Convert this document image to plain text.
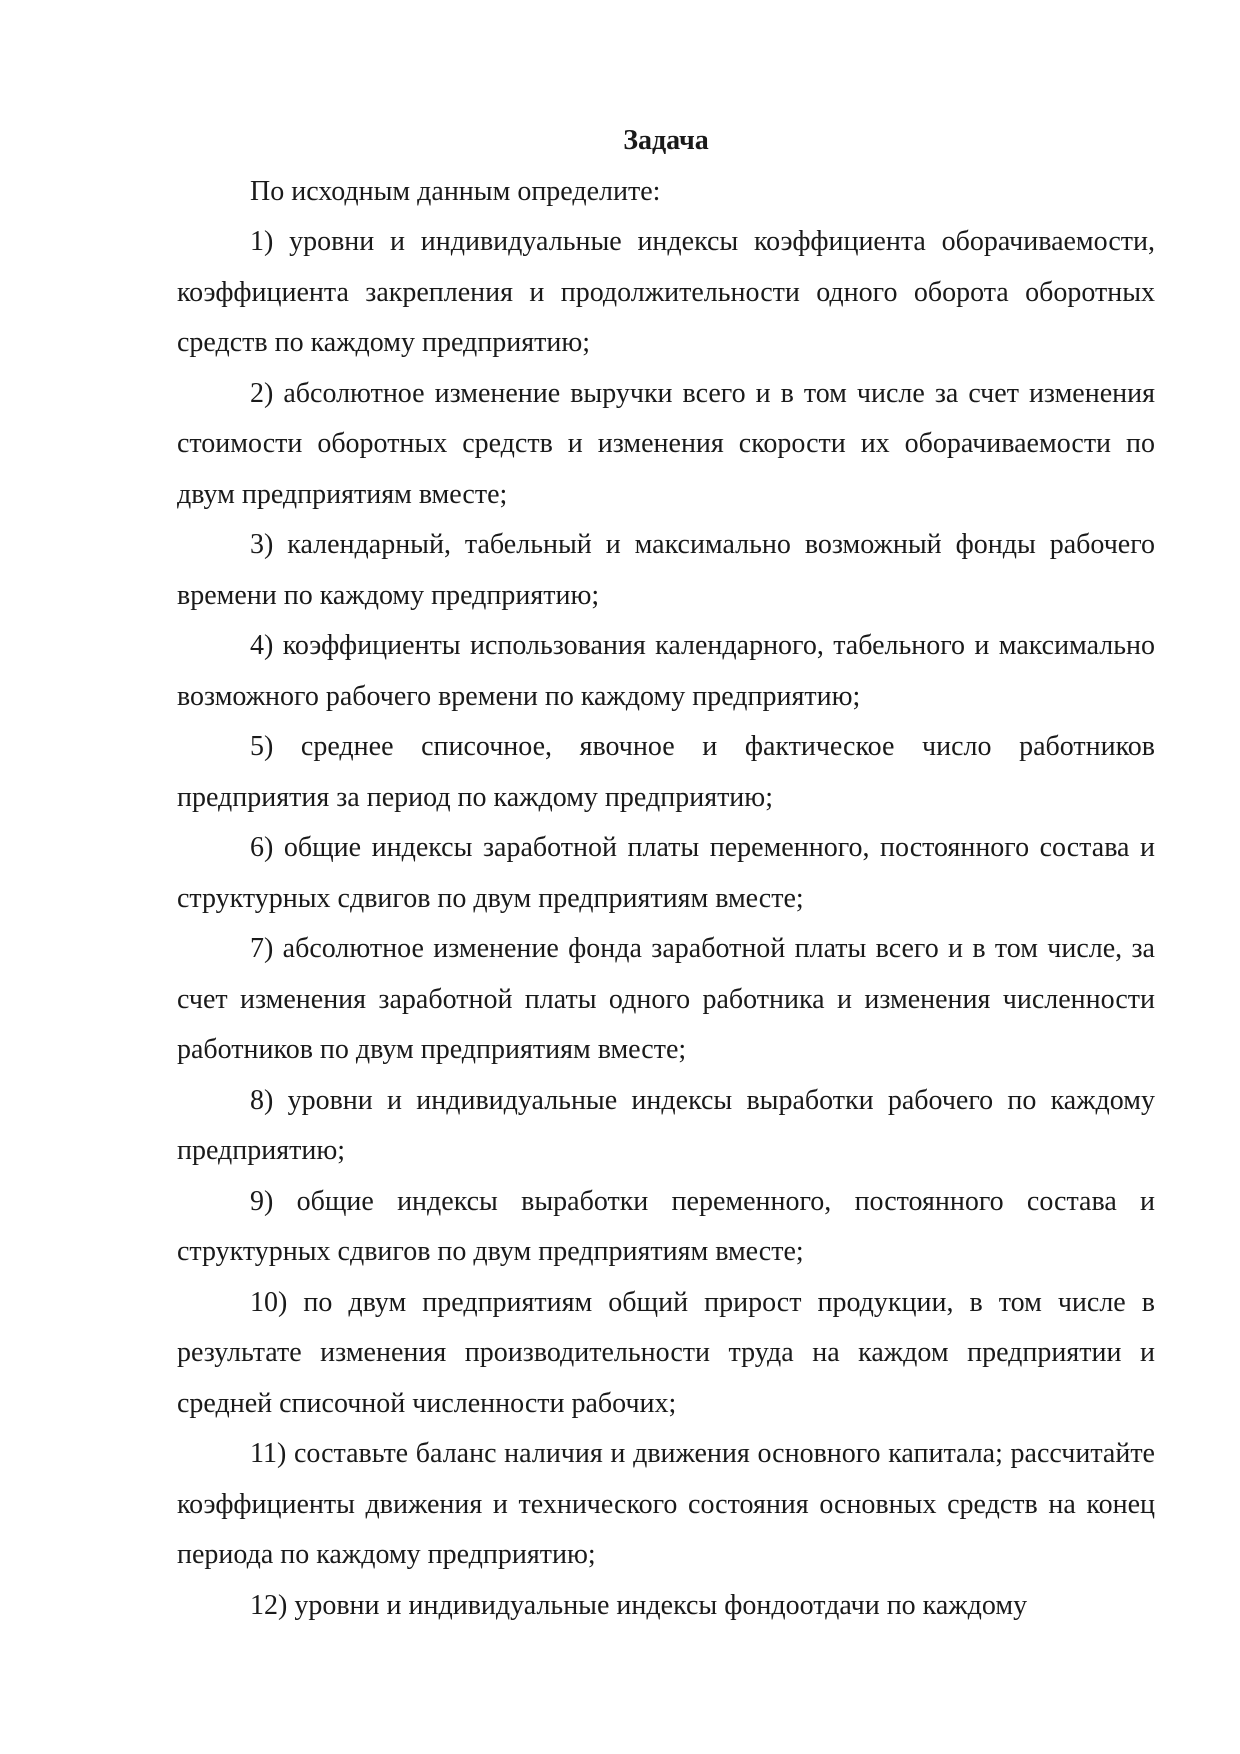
Задача

По исходным данным определите:

1) уровни и индивидуальные индексы коэффициента оборачиваемости, коэффициента закрепления и продолжительности одного оборота оборотных средств по каждому предприятию;

2) абсолютное изменение выручки всего и в том числе за счет изменения стоимости оборотных средств и изменения скорости их оборачиваемости по двум предприятиям вместе;

3) календарный, табельный и максимально возможный фонды рабочего времени по каждому предприятию;

4) коэффициенты использования календарного, табельного и максимально возможного рабочего времени по каждому предприятию;

5) среднее списочное, явочное и фактическое число работников предприятия за период по каждому предприятию;

6) общие индексы заработной платы переменного, постоянного состава и структурных сдвигов по двум предприятиям вместе;

7) абсолютное изменение фонда заработной платы всего и в том числе, за счет изменения заработной платы одного работника и изменения численности работников по двум предприятиям вместе;

8) уровни и индивидуальные индексы выработки рабочего по каждому предприятию;

9) общие индексы выработки переменного, постоянного состава и структурных сдвигов по двум предприятиям вместе;

10) по двум предприятиям общий прирост продукции, в том числе в результате изменения производительности труда на каждом предприятии и средней списочной численности рабочих;

11) составьте баланс наличия и движения основного капитала; рассчитайте коэффициенты движения и технического состояния основных средств на конец периода по каждому предприятию;

12) уровни и индивидуальные индексы фондоотдачи по каждому
